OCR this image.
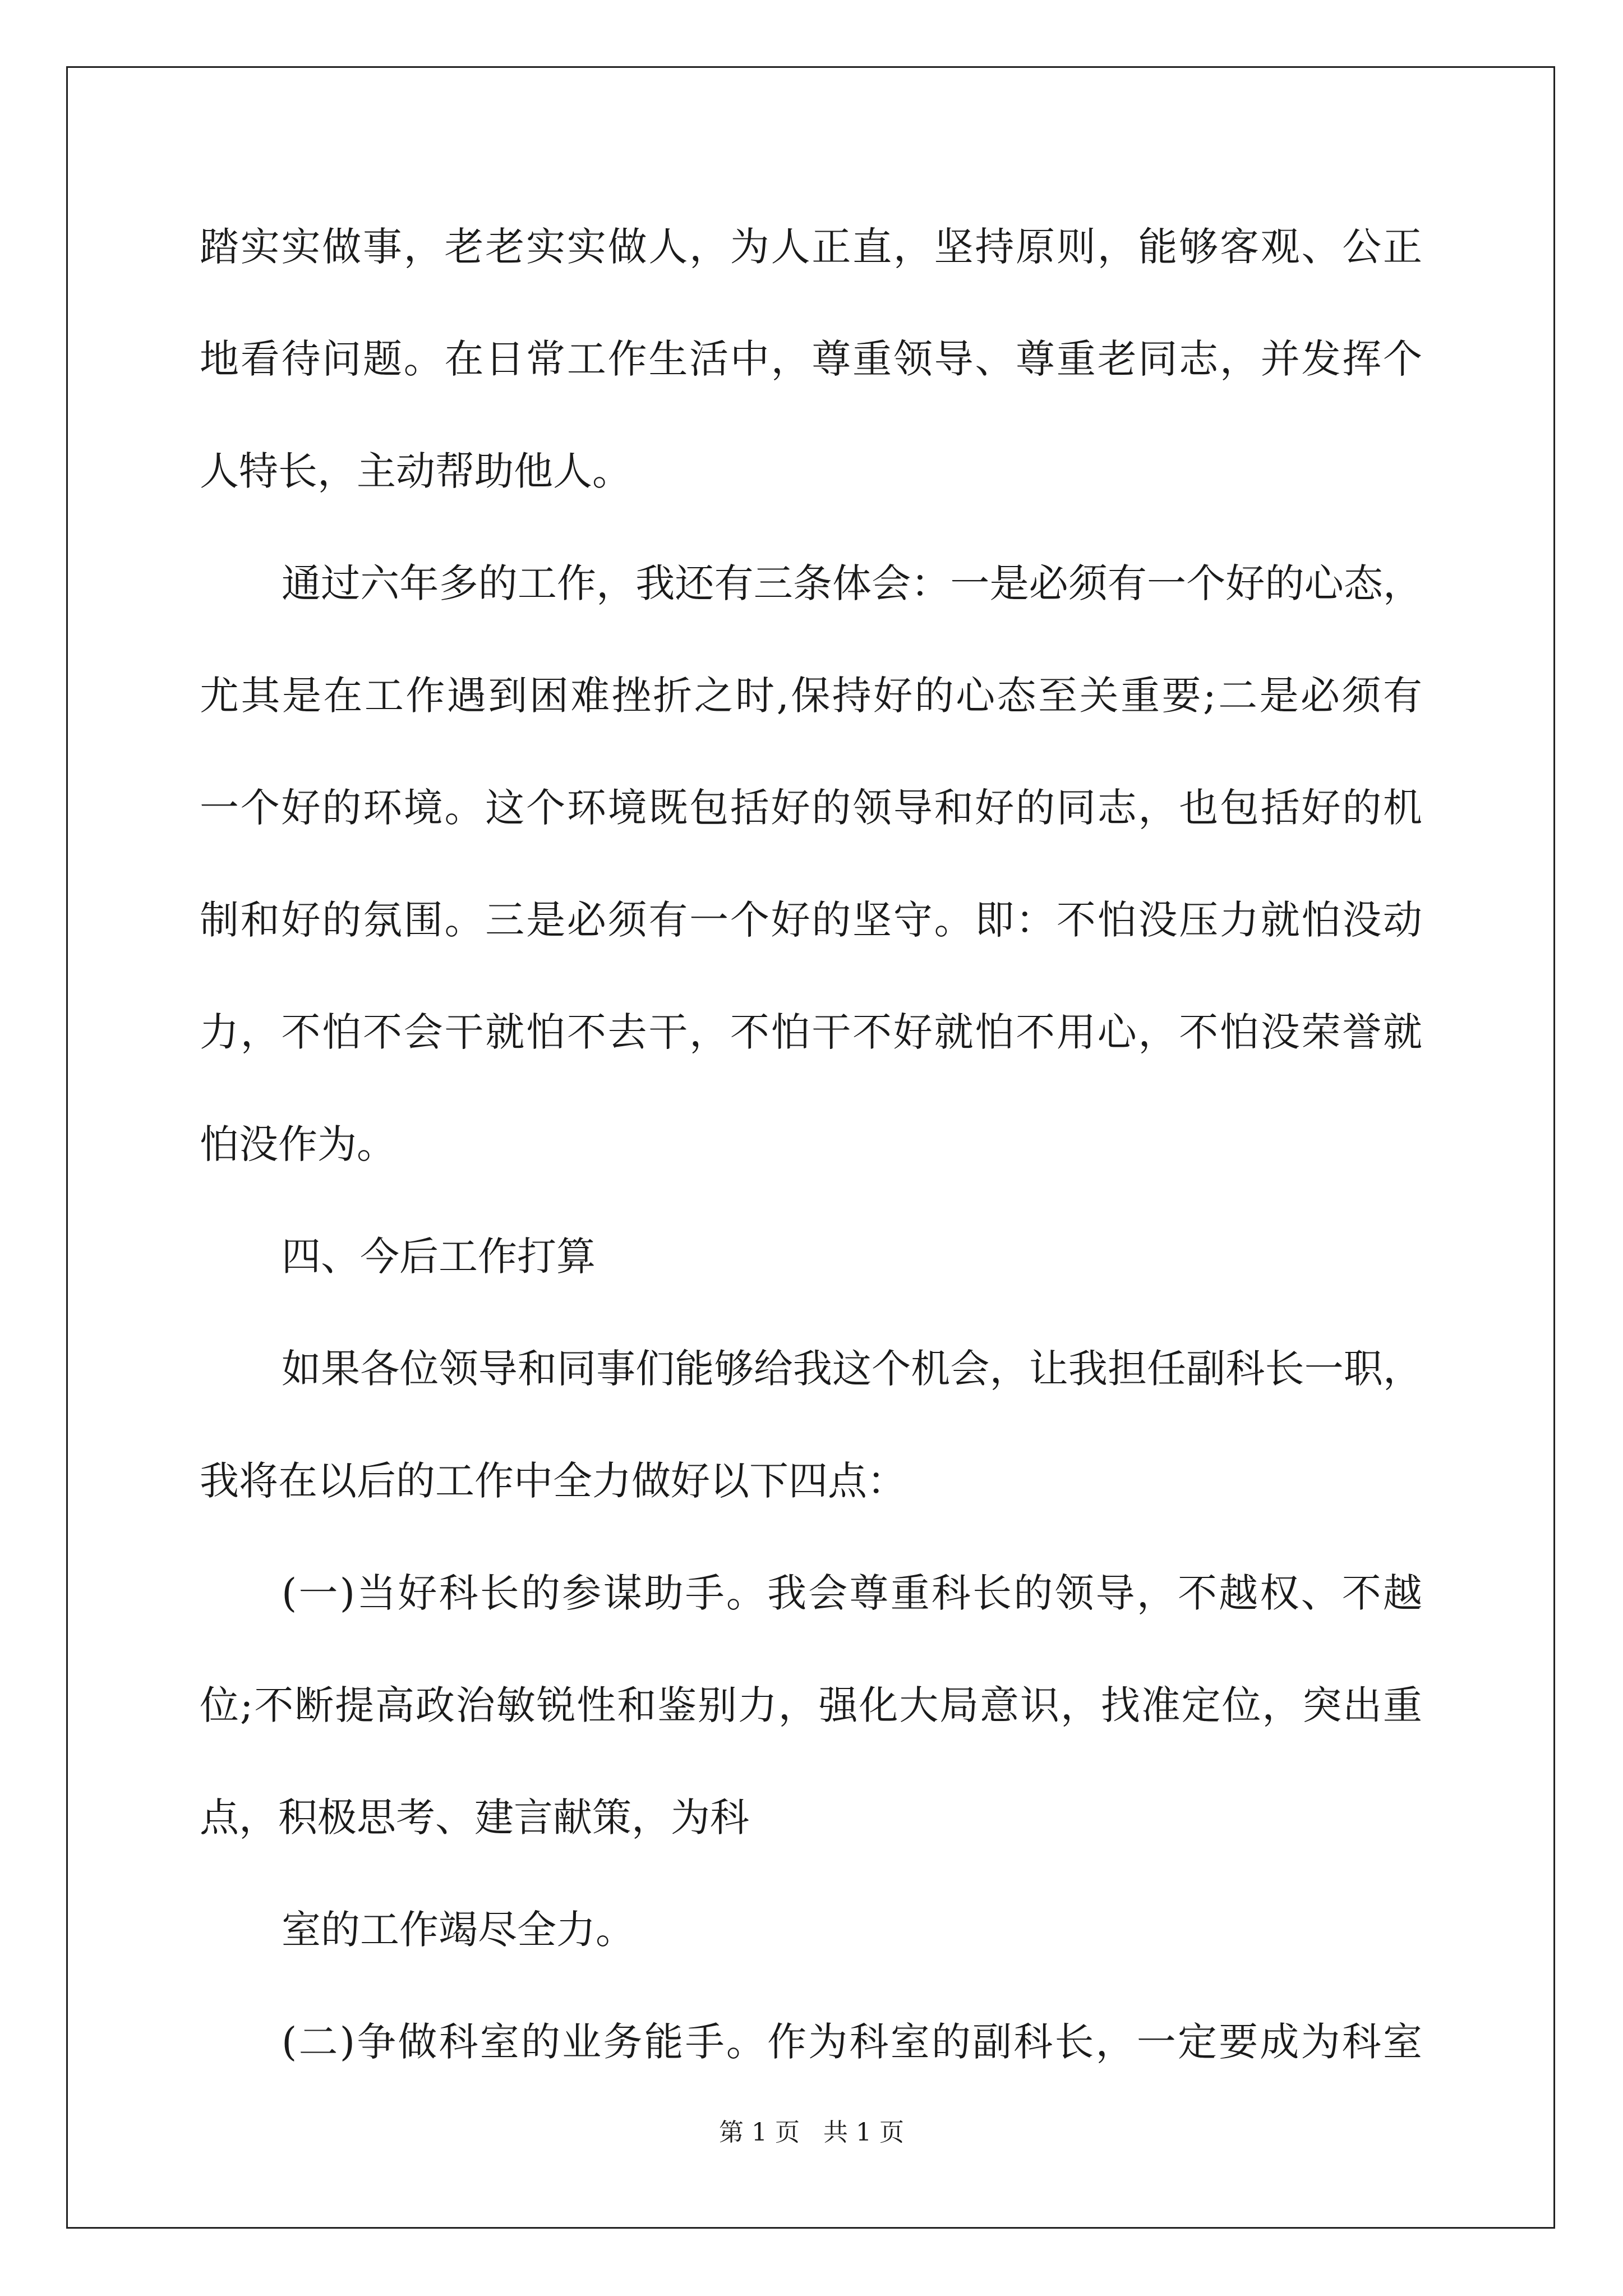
踏实实做事，老老实实做人，为人正直，坚持原则，能够客观、公正
地看待问题。在日常工作生活中，尊重领导、尊重老同志，并发挥个
人特长，主动帮助他人。
通过六年多的工作，我还有三条体会：一是必须有一个好的心态，
尤其是在工作遇到困难挫折之时,保持好的心态至关重要;二是必须有
一个好的环境。这个环境既包括好的领导和好的同志，也包括好的机
制和好的氛围。三是必须有一个好的坚守。即：不怕没压力就怕没动
力，不怕不会干就怕不去干，不怕干不好就怕不用心，不怕没荣誉就
怕没作为。
四、今后工作打算
如果各位领导和同事们能够给我这个机会，让我担任副科长一职，
我将在以后的工作中全力做好以下四点：
(一)当好科长的参谋助手。我会尊重科长的领导，不越权、不越
位;不断提高政治敏锐性和鉴别力，强化大局意识，找准定位，突出重
点，积极思考、建言献策，为科
室的工作竭尽全力。
(二)争做科室的业务能手。作为科室的副科长，一定要成为科室
第 1 页   共 1 页
